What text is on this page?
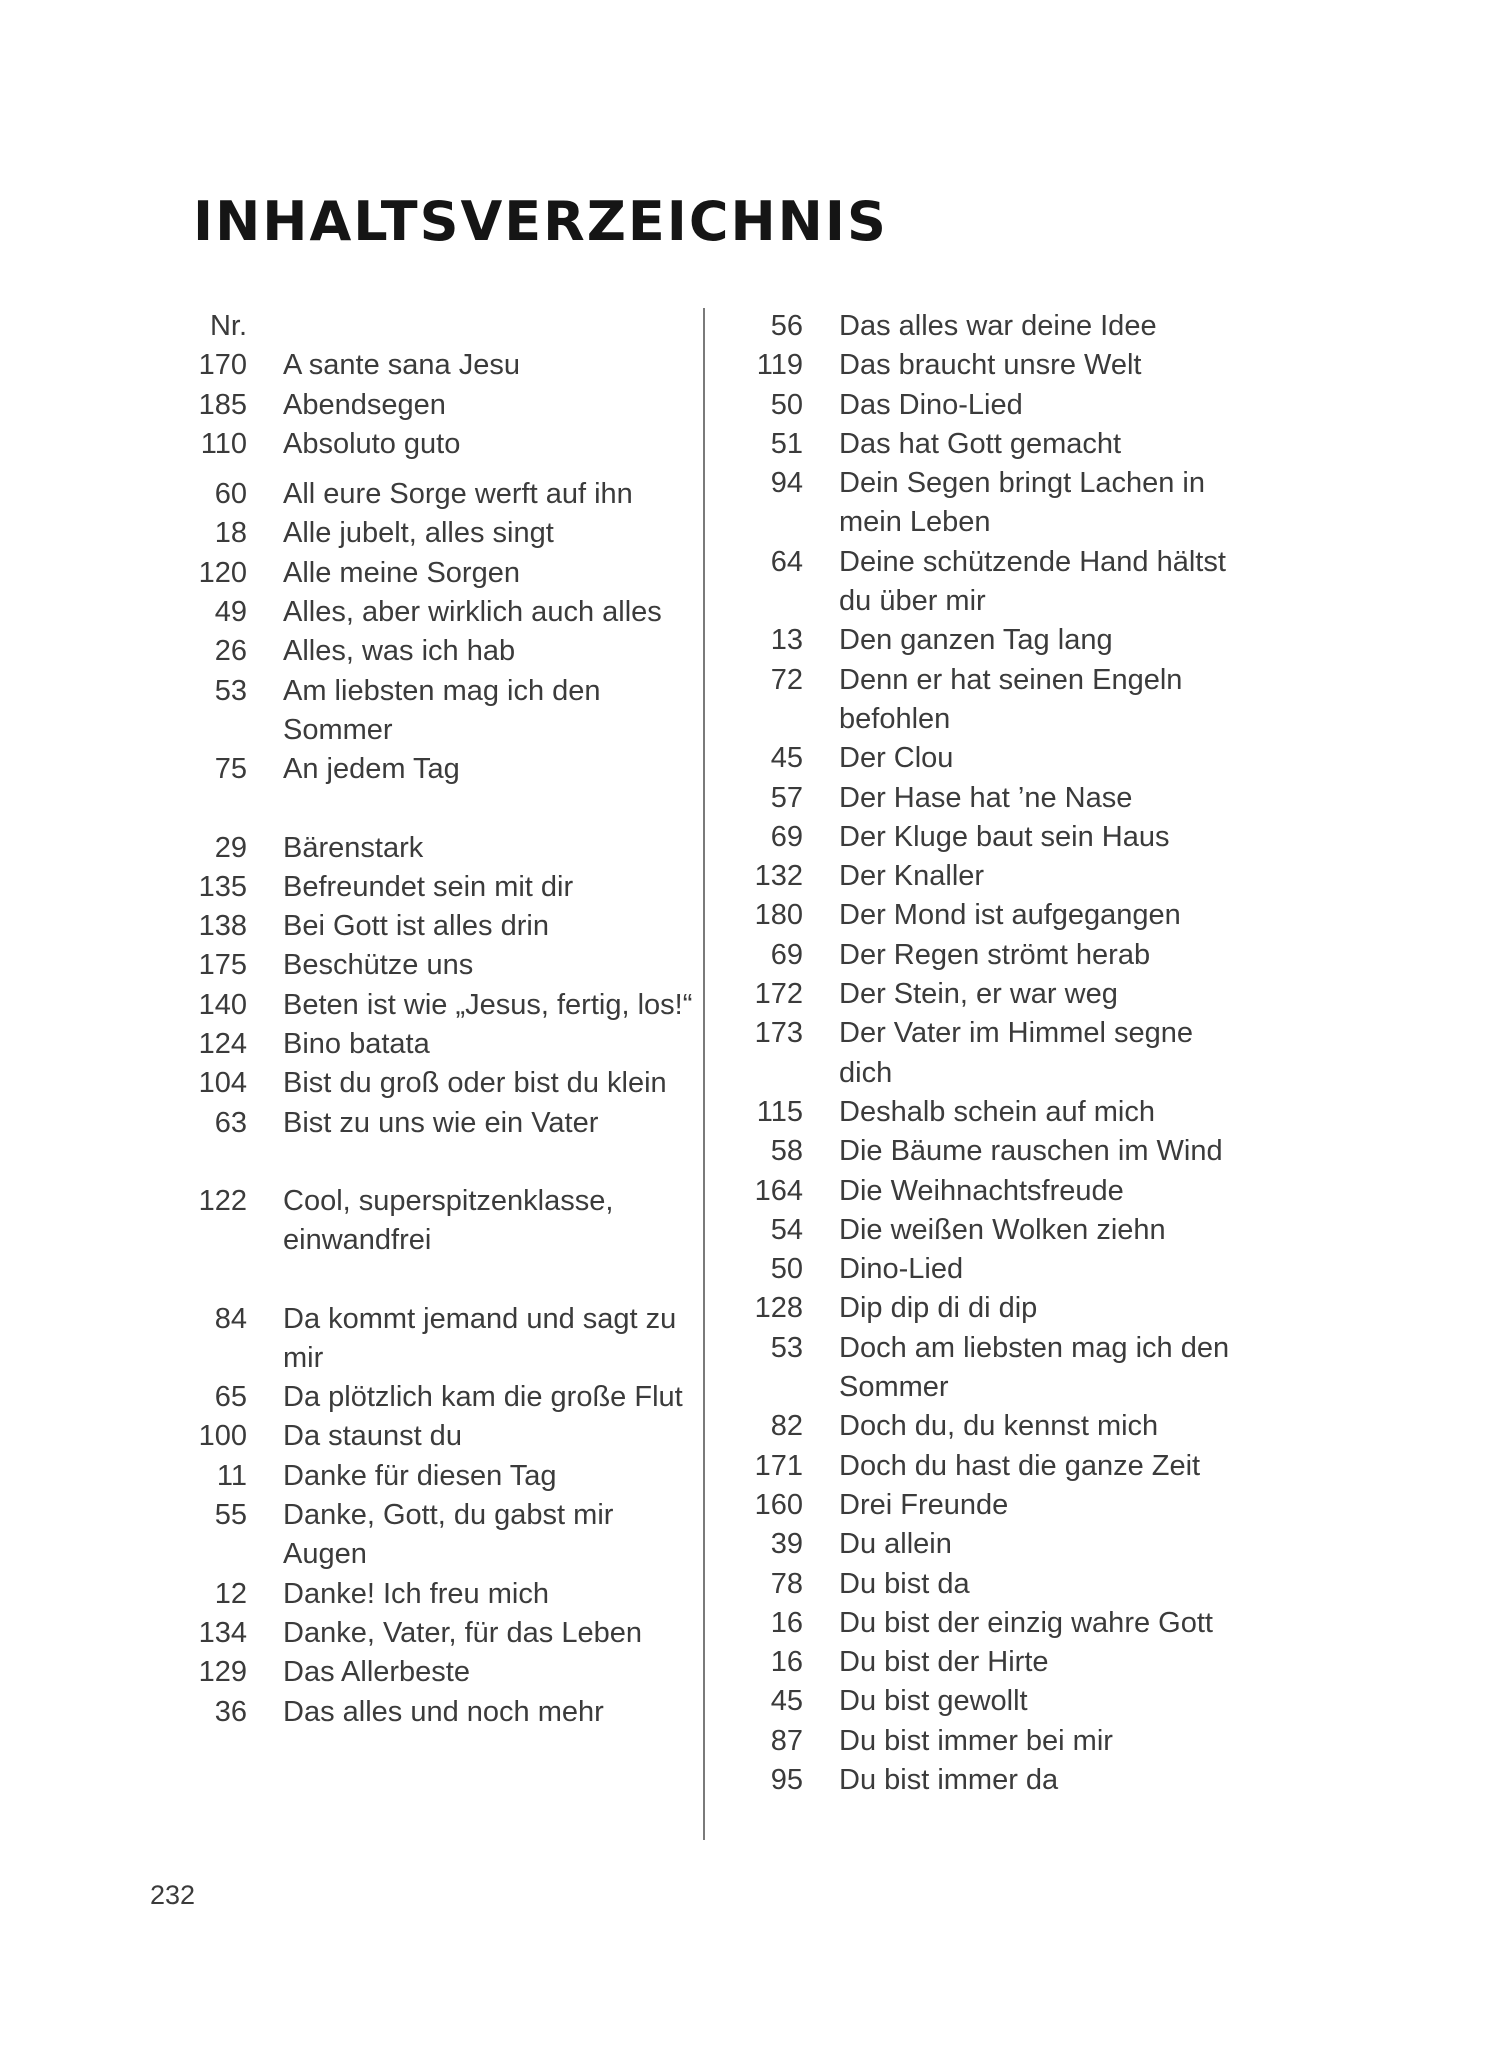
INHALTSVERZEICHNIS
Nr.
170 A sante sana Jesu
185 Abendsegen
110 Absoluto guto
60 All eure Sorge werft auf ihn
18 Alle jubelt, alles singt
120 Alle meine Sorgen
49 Alles, aber wirklich auch alles
26 Alles, was ich hab
53 Am liebsten mag ich den Sommer
75 An jedem Tag
29 Bärenstark
135 Befreundet sein mit dir
138 Bei Gott ist alles drin
175 Beschütze uns
140 Beten ist wie „Jesus, fertig, los!“
124 Bino batata
104 Bist du groß oder bist du klein
63 Bist zu uns wie ein Vater
122 Cool, superspitzenklasse, einwandfrei
84 Da kommt jemand und sagt zu mir
65 Da plötzlich kam die große Flut
100 Da staunst du
11 Danke für diesen Tag
55 Danke, Gott, du gabst mir Augen
12 Danke! Ich freu mich
134 Danke, Vater, für das Leben
129 Das Allerbeste
36 Das alles und noch mehr
56 Das alles war deine Idee
119 Das braucht unsre Welt
50 Das Dino-Lied
51 Das hat Gott gemacht
94 Dein Segen bringt Lachen in mein Leben
64 Deine schützende Hand hältst du über mir
13 Den ganzen Tag lang
72 Denn er hat seinen Engeln befohlen
45 Der Clou
57 Der Hase hat ’ne Nase
69 Der Kluge baut sein Haus
132 Der Knaller
180 Der Mond ist aufgegangen
69 Der Regen strömt herab
172 Der Stein, er war weg
173 Der Vater im Himmel segne dich
115 Deshalb schein auf mich
58 Die Bäume rauschen im Wind
164 Die Weihnachtsfreude
54 Die weißen Wolken ziehn
50 Dino-Lied
128 Dip dip di di dip
53 Doch am liebsten mag ich den Sommer
82 Doch du, du kennst mich
171 Doch du hast die ganze Zeit
160 Drei Freunde
39 Du allein
78 Du bist da
16 Du bist der einzig wahre Gott
16 Du bist der Hirte
45 Du bist gewollt
87 Du bist immer bei mir
95 Du bist immer da
232
